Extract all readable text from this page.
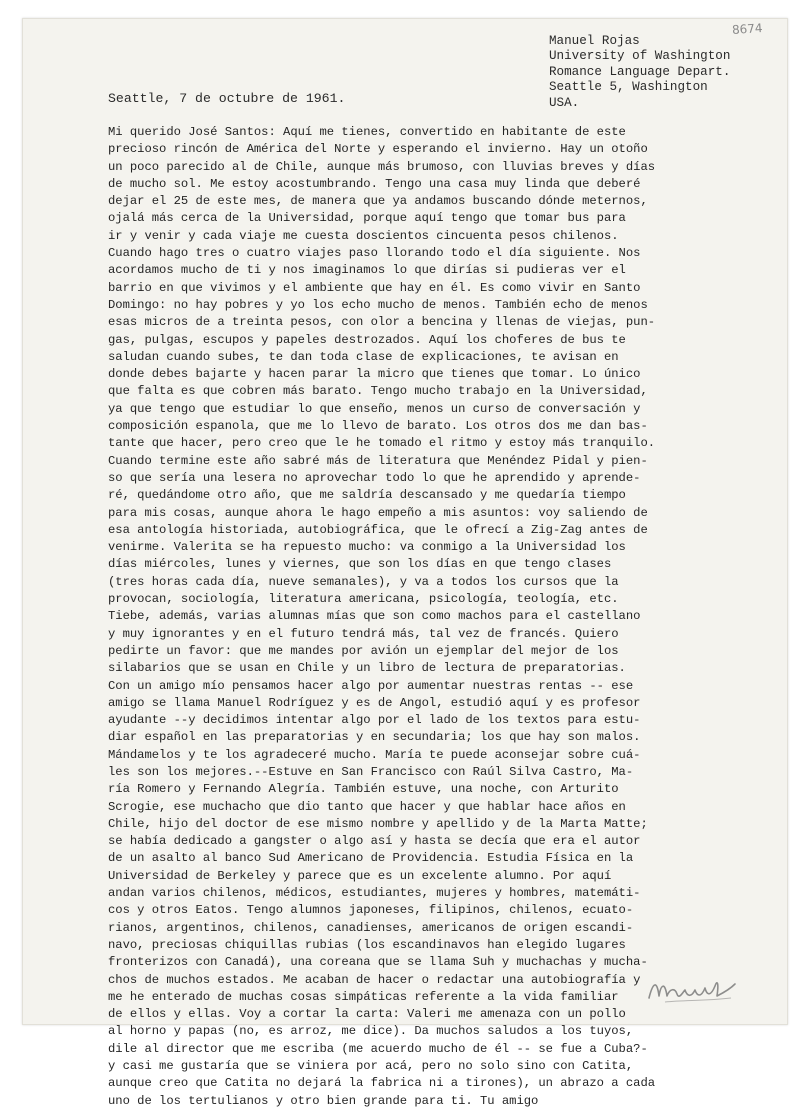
8674
Manuel Rojas
University of Washington
Romance Language Depart.
Seattle 5, Washington
USA.
Seattle, 7 de octubre de 1961.
Mi querido José Santos: Aquí me tienes, convertido en habitante de este
precioso rincón de América del Norte y esperando el invierno. Hay un otoño
un poco parecido al de Chile, aunque más brumoso, con lluvias breves y días
de mucho sol. Me estoy acostumbrando. Tengo una casa muy linda que deberé
dejar el 25 de este mes, de manera que ya andamos buscando dónde meternos,
ojalá más cerca de la Universidad, porque aquí tengo que tomar bus para
ir y venir y cada viaje me cuesta doscientos cincuenta pesos chilenos.
Cuando hago tres o cuatro viajes paso llorando todo el día siguiente. Nos
acordamos mucho de ti y nos imaginamos lo que dirías si pudieras ver el
barrio en que vivimos y el ambiente que hay en él. Es como vivir en Santo
Domingo: no hay pobres y yo los echo mucho de menos. También echo de menos
esas micros de a treinta pesos, con olor a bencina y llenas de viejas, pun-
gas, pulgas, escupos y papeles destrozados. Aquí los choferes de bus te
saludan cuando subes, te dan toda clase de explicaciones, te avisan en
donde debes bajarte y hacen parar la micro que tienes que tomar. Lo único
que falta es que cobren más barato. Tengo mucho trabajo en la Universidad,
ya que tengo que estudiar lo que enseño, menos un curso de conversación y
composición espanola, que me lo llevo de barato. Los otros dos me dan bas-
tante que hacer, pero creo que le he tomado el ritmo y estoy más tranquilo.
Cuando termine este año sabré más de literatura que Menéndez Pidal y pien-
so que sería una lesera no aprovechar todo lo que he aprendido y aprende-
ré, quedándome otro año, que me saldría descansado y me quedaría tiempo
para mis cosas, aunque ahora le hago empeño a mis asuntos: voy saliendo de
esa antología historiada, autobiográfica, que le ofrecí a Zig-Zag antes de
venirme. Valerita se ha repuesto mucho: va conmigo a la Universidad los
días miércoles, lunes y viernes, que son los días en que tengo clases
(tres horas cada día, nueve semanales), y va a todos los cursos que la
provocan, sociología, literatura americana, psicología, teología, etc.
Tiebe, además, varias alumnas mías que son como machos para el castellano
y muy ignorantes y en el futuro tendrá más, tal vez de francés. Quiero
pedirte un favor: que me mandes por avión un ejemplar del mejor de los
silabarios que se usan en Chile y un libro de lectura de preparatorias.
Con un amigo mío pensamos hacer algo por aumentar nuestras rentas -- ese
amigo se llama Manuel Rodríguez y es de Angol, estudió aquí y es profesor
ayudante --y decidimos intentar algo por el lado de los textos para estu-
diar español en las preparatorias y en secundaria; los que hay son malos.
Mándamelos y te los agradeceré mucho. María te puede aconsejar sobre cuá-
les son los mejores.--Estuve en San Francisco con Raúl Silva Castro, Ma-
ría Romero y Fernando Alegría. También estuve, una noche, con Arturito
Scrogie, ese muchacho que dio tanto que hacer y que hablar hace años en
Chile, hijo del doctor de ese mismo nombre y apellido y de la Marta Matte;
se había dedicado a gangster o algo así y hasta se decía que era el autor
de un asalto al banco Sud Americano de Providencia. Estudia Física en la
Universidad de Berkeley y parece que es un excelente alumno. Por aquí
andan varios chilenos, médicos, estudiantes, mujeres y hombres, matemáti-
cos y otros Eatos. Tengo alumnos japoneses, filipinos, chilenos, ecuato-
rianos, argentinos, chilenos, canadienses, americanos de origen escandi-
navo, preciosas chiquillas rubias (los escandinavos han elegido lugares
fronterizos con Canadá), una coreana que se llama Suh y muchachas y mucha-
chos de muchos estados. Me acaban de hacer o redactar una autobiografía y
me he enterado de muchas cosas simpáticas referente a la vida familiar
de ellos y ellas. Voy a cortar la carta: Valeri me amenaza con un pollo
al horno y papas (no, es arroz, me dice). Da muchos saludos a los tuyos,
dile al director que me escriba (me acuerdo mucho de él -- se fue a Cuba?-
y casi me gustaría que se viniera por acá, pero no solo sino con Catita,
aunque creo que Catita no dejará la fabrica ni a tirones), un abrazo a cada
uno de los tertulianos y otro bien grande para ti. Tu amigo
